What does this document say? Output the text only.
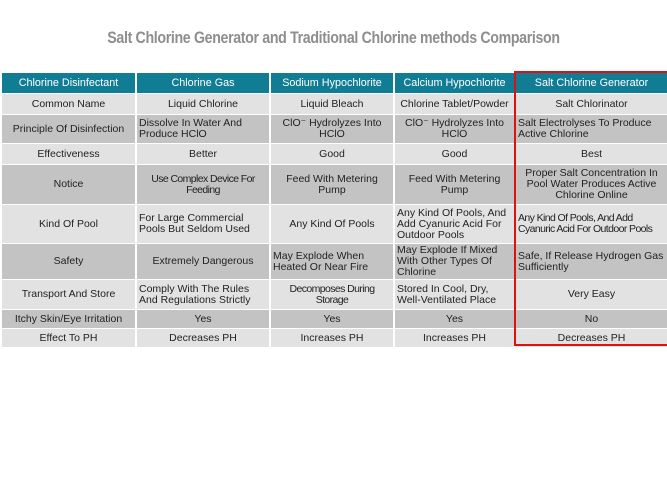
Salt Chlorine Generator and Traditional Chlorine methods Comparison
Chlorine Disinfectant	Chlorine Gas	Sodium Hypochlorite	Calcium Hypochlorite	Salt Chlorine Generator
Common Name	Liquid Chlorine	Liquid Bleach	Chlorine Tablet/Powder	Salt Chlorinator
Principle Of Disinfection	Dissolve In Water And Produce HClO	ClO⁻ Hydrolyzes Into HClO	ClO⁻ Hydrolyzes Into HClO	Salt Electrolyses To Produce Active Chlorine
Effectiveness	Better	Good	Good	Best
Notice	Use Complex Device For Feeding	Feed With Metering Pump	Feed With Metering Pump	Proper Salt Concentration In Pool Water Produces Active Chlorine Online
Kind Of Pool	For Large Commercial Pools But Seldom Used	Any Kind Of Pools	Any Kind Of Pools, And Add Cyanuric Acid For Outdoor Pools	Any Kind Of Pools, And Add Cyanuric Acid For Outdoor Pools
Safety	Extremely Dangerous	May Explode When Heated Or Near Fire	May Explode If Mixed With Other Types Of Chlorine	Safe, If Release Hydrogen Gas Sufficiently
Transport And Store	Comply With The Rules And Regulations Strictly	Decomposes During Storage	Stored In Cool, Dry, Well-Ventilated Place	Very Easy
Itchy Skin/Eye Irritation	Yes	Yes	Yes	No
Effect To PH	Decreases PH	Increases PH	Increases PH	Decreases PH
